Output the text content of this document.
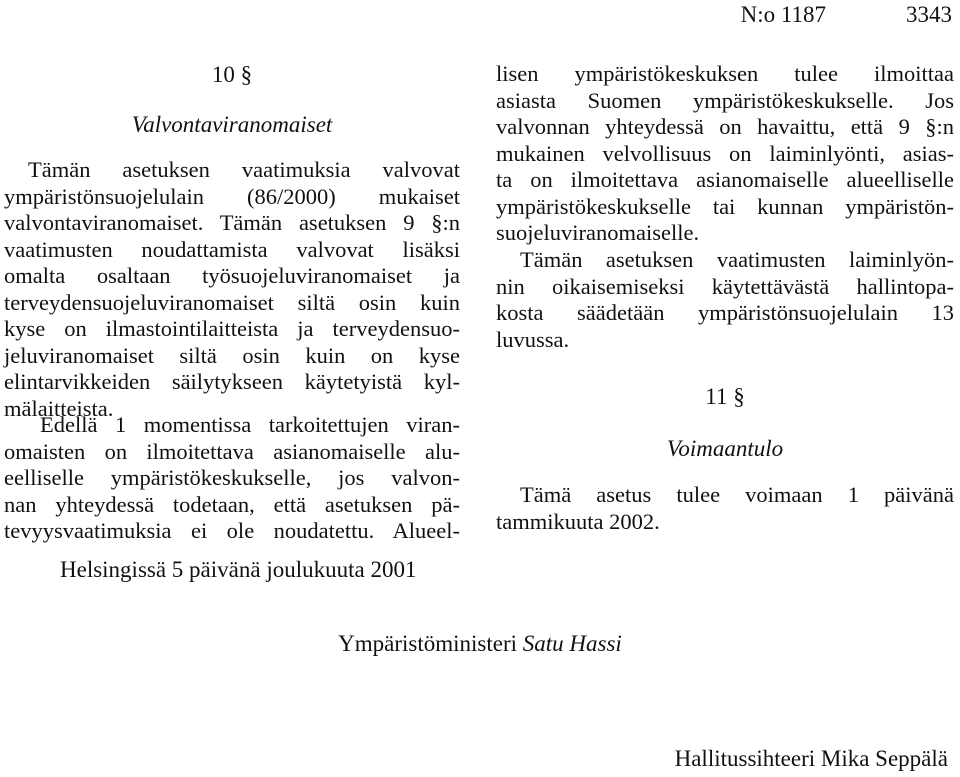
N:o 1187	3343
10 §
Valvontaviranomaiset
Tämän asetuksen vaatimuksia valvovat
ympäristönsuojelulain (86/2000) mukaiset
valvontaviranomaiset. Tämän asetuksen 9 §:n
vaatimusten noudattamista valvovat lisäksi
omalta osaltaan työsuojeluviranomaiset ja
terveydensuojeluviranomaiset siltä osin kuin
kyse on ilmastointilaitteista ja terveydensuo-
jeluviranomaiset siltä osin kuin on kyse
elintarvikkeiden säilytykseen käytetyistä kyl-
mälaitteista.
Edellä 1 momentissa tarkoitettujen viran-
omaisten on ilmoitettava asianomaiselle alu-
eelliselle ympäristökeskukselle, jos valvon-
nan yhteydessä todetaan, että asetuksen pä-
tevyysvaatimuksia ei ole noudatettu. Alueel-
lisen ympäristökeskuksen tulee ilmoittaa
asiasta Suomen ympäristökeskukselle. Jos
valvonnan yhteydessä on havaittu, että 9 §:n
mukainen velvollisuus on laiminlyönti, asias-
ta on ilmoitettava asianomaiselle alueelliselle
ympäristökeskukselle tai kunnan ympäristön-
suojeluviranomaiselle.
Tämän asetuksen vaatimusten laiminlyön-
nin oikaisemiseksi käytettävästä hallintopa-
kosta säädetään ympäristönsuojelulain 13
luvussa.
11 §
Voimaantulo
Tämä asetus tulee voimaan 1 päivänä
tammikuuta 2002.
Helsingissä 5 päivänä joulukuuta 2001
Ympäristöministeri Satu Hassi
Hallitussihteeri Mika Seppälä
